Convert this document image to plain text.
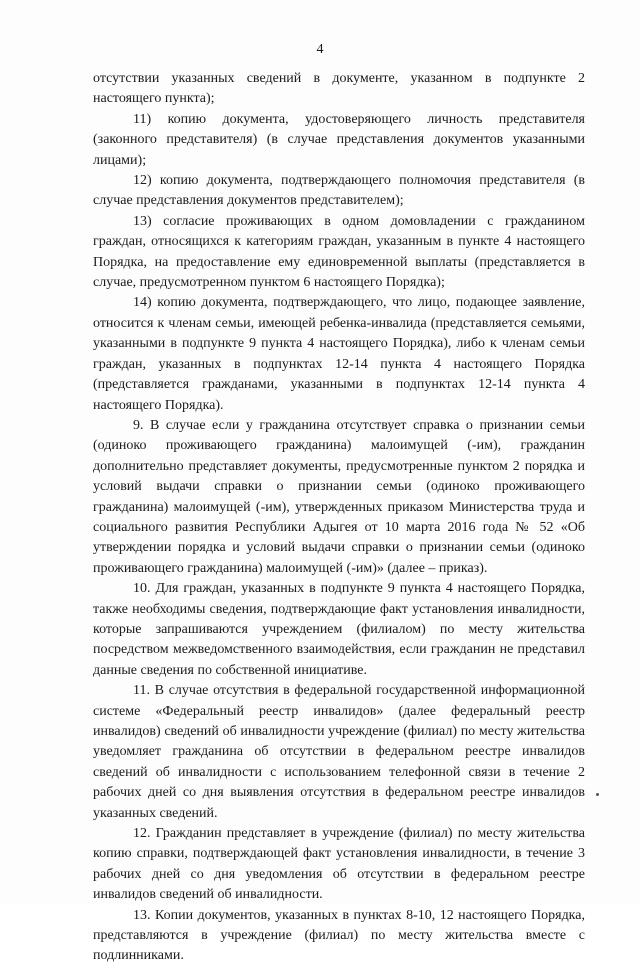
4

отсутствии указанных сведений в документе, указанном в подпункте 2 настоящего пункта);

11) копию документа, удостоверяющего личность представителя (законного представителя) (в случае представления документов указанными лицами);

12) копию документа, подтверждающего полномочия представителя (в случае представления документов представителем);

13) согласие проживающих в одном домовладении с гражданином граждан, относящихся к категориям граждан, указанным в пункте 4 настоящего Порядка, на предоставление ему единовременной выплаты (представляется в случае, предусмотренном пунктом 6 настоящего Порядка);

14) копию документа, подтверждающего, что лицо, подающее заявление, относится к членам семьи, имеющей ребенка-инвалида (представляется семьями, указанными в подпункте 9 пункта 4 настоящего Порядка), либо к членам семьи граждан, указанных в подпунктах 12-14 пункта 4 настоящего Порядка (представляется гражданами, указанными в подпунктах 12-14 пункта 4 настоящего Порядка).

9. В случае если у гражданина отсутствует справка о признании семьи (одиноко проживающего гражданина) малоимущей (-им), гражданин дополнительно представляет документы, предусмотренные пунктом 2 порядка и условий выдачи справки о признании семьи (одиноко проживающего гражданина) малоимущей (-им), утвержденных приказом Министерства труда и социального развития Республики Адыгея от 10 марта 2016 года № 52 «Об утверждении порядка и условий выдачи справки о признании семьи (одиноко проживающего гражданина) малоимущей (-им)» (далее – приказ).

10. Для граждан, указанных в подпункте 9 пункта 4 настоящего Порядка, также необходимы сведения, подтверждающие факт установления инвалидности, которые запрашиваются учреждением (филиалом) по месту жительства посредством межведомственного взаимодействия, если гражданин не представил данные сведения по собственной инициативе.

11. В случае отсутствия в федеральной государственной информационной системе «Федеральный реестр инвалидов» (далее федеральный реестр инвалидов) сведений об инвалидности учреждение (филиал) по месту жительства уведомляет гражданина об отсутствии в федеральном реестре инвалидов сведений об инвалидности с использованием телефонной связи в течение 2 рабочих дней со дня выявления отсутствия в федеральном реестре инвалидов указанных сведений.

12. Гражданин представляет в учреждение (филиал) по месту жительства копию справки, подтверждающей факт установления инвалидности, в течение 3 рабочих дней со дня уведомления об отсутствии в федеральном реестре инвалидов сведений об инвалидности.

13. Копии документов, указанных в пунктах 8-10, 12 настоящего Порядка, представляются в учреждение (филиал) по месту жительства вместе с подлинниками.
